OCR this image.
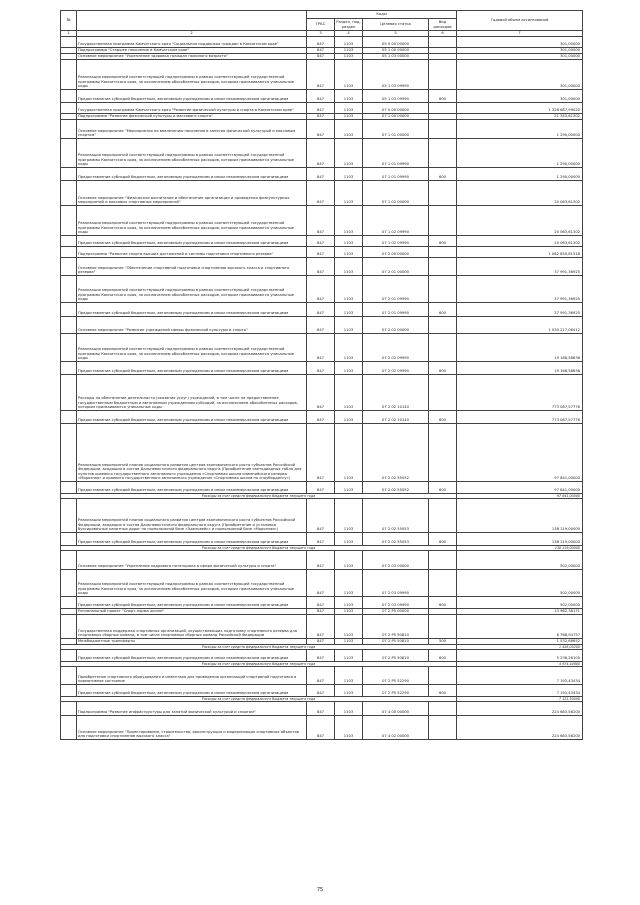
№		Коды				Годовой объем ассигнований
		ГРБС	Раздел, под-раздел	Целевая статья	Вид расходов	
1	2	3	4	5	6	7
	Государственная программа Камчатского края "Социальная поддержка граждан в Камчатском крае"	847	1103	05 0 00 00000		301,00000
	Подпрограмма "Старшее поколение в Камчатском крае"	847	1103	05 1 00 00000		301,00000
	Основное мероприятие "Укрепление здоровья граждан пожилого возраста"	847	1103	05 1 03 00000		301,00000
	Реализация мероприятий соответствующей подпрограммы в рамках соответствующей государственной программы Камчатского края, за исключением обособленных расходов, которым присваиваются уникальные коды	847	1103	05 1 03 09990		301,00000
	Предоставление субсидий бюджетным, автономным учреждениям и иным некоммерческим организациям	847	1103	05 1 03 09990	600	301,00000
	Государственная программа Камчатского края "Развитие физической культуры и спорта в Камчатском крае"	847	1103	07 0 00 00000		1 328 687,99020
	Подпрограмма "Развитие физической культуры и массового спорта"	847	1103	07 1 00 00000		21 353,61302
	Основное мероприятие "Мероприятия по вовлечению населения в занятия физической культурой и массовым спортом"	847	1103	07 1 01 00000		1 290,00000
	Реализация мероприятий соответствующей подпрограммы в рамках соответствующей государственной программы Камчатского края, за исключением обособленных расходов, которым присваиваются уникальные коды	847	1103	07 1 01 09990		1 290,00000
	Предоставление субсидий бюджетным, автономным учреждениям и иным некоммерческим организациям	847	1103	07 1 01 09990	600	1 290,00000
	Основное мероприятие "Физическое воспитание и обеспечение организации и проведения физкультурных мероприятий и массовых спортивных мероприятий"	847	1103	07 1 02 00000		20 063,61302
	Реализация мероприятий соответствующей подпрограммы в рамках соответствующей государственной программы Камчатского края, за исключением обособленных расходов, которым присваиваются уникальные коды	847	1103	07 1 02 09990		20 063,61302
	Предоставление субсидий бюджетным, автономным учреждениям и иным некоммерческим организациям	847	1103	07 1 02 09990	600	20 063,61302
	Подпрограмма "Развитие спорта высших достижений и системы подготовки спортивного резерва"	847	1103	07 2 00 00000		1 082 650,81518
	Основное мероприятие "Обеспечение спортивной подготовки спортсменов высокого класса и спортивного резерва"	847	1103	07 2 01 00000		37 991,36925
	Реализация мероприятий соответствующей подпрограммы в рамках соответствующей государственной программы Камчатского края, за исключением обособленных расходов, которым присваиваются уникальные коды	847	1103	07 2 01 09990		37 991,36925
	Предоставление субсидий бюджетным, автономным учреждениям и иным некоммерческим организациям	847	1103	07 2 01 09990	600	37 991,36925
	Основное мероприятие "Развитие учреждений сферы физической культуры и спорта"	847	1103	07 2 02 00000		1 030 217,06412
	Реализация мероприятий соответствующей подпрограммы в рамках соответствующей государственной программы Камчатского края, за исключением обособленных расходов, которым присваиваются уникальные коды	847	1103	07 2 02 09990		19 168,58636
	Предоставление субсидий бюджетным, автономным учреждениям и иным некоммерческим организациям	847	1103	07 2 02 09990	600	19 168,58636
	Расходы на обеспечение деятельности (оказание услуг) учреждений, в том числе на предоставление государственным бюджетным и автономным учреждениям субсидий, за исключением обособленных расходов, которым присваиваются уникальные коды	847	1103	07 2 02 10140		773 087,57776
	Предоставление субсидий бюджетным, автономным учреждениям и иным некоммерческим организациям	847	1103	07 2 02 10140	600	773 087,57776
	Реализация мероприятий планов социального развития центров экономического роста субъектов Российской Федерации, входящих в состав Дальневосточного федерального округа (Приобретение светодиодных табло для пунктов краевого государственного автономного учреждения «Спортивная школа олимпийского резерва «Морозная» и краевого государственного автономного учреждения «Спортивная школа по сноубордингу»)	847	1103	07 2 02 55052		97 841,00000
	Предоставление субсидий бюджетным, автономным учреждениям и иным некоммерческим организациям	847	1103	07 2 02 55052	600	97 841,00000
Расходы за счет средств федерального бюджета текущего года						97 841,00000
	Реализация мероприятий планов социального развития центров экономического роста субъектов Российской Федерации, входящих в состав Дальневосточного федерального округа (Приобретение и установка буксировочных канатных дорог на горнолыжной базе «Эдельвейс» и горнолыжной базе «Морозная»)	847	1103	07 2 02 55053		138 119,00000
	Предоставление субсидий бюджетным, автономным учреждениям и иным некоммерческим организациям	847	1103	07 2 02 55053	600	138 119,00000
Расходы за счет средств федерального бюджета текущего года						138 119,00000
	Основное мероприятие "Укрепление кадрового потенциала в сфере физической культуры и спорта"	847	1103	07 2 03 00000		502,00000
	Реализация мероприятий соответствующей подпрограммы в рамках соответствующей государственной программы Камчатского края, за исключением обособленных расходов, которым присваиваются уникальные коды	847	1103	07 2 03 09990		502,00000
	Предоставление субсидий бюджетным, автономным учреждениям и иным некоммерческим организациям	847	1103	07 2 03 09990	600	502,00000
	Региональный проект "Спорт-норма жизни"	847	1103	07 2 P5 00000		13 962,38171
	Государственная поддержка спортивных организаций, осуществляющих подготовку спортивного резерва для спортивных сборных команд, в том числе спортивных сборных команд Российской Федерации	847	1103	07 2 P5 50810		6 768,94757
	Межбюджетные трансферты	847	1103	07 2 P5 50810	500	1 532,68652
Расходы за счет средств федерального бюджета текущего года						1 456,05200
	Предоставление субсидий бюджетным, автономным учреждениям и иным некоммерческим организациям	847	1103	07 2 P5 50810	600	5 236,26105
Расходы за счет средств федерального бюджета текущего года						4 974,44800
	Приобретение спортивного оборудования и инвентаря для приведения организаций спортивной подготовки в нормативное состояние	847	1103	07 2 P5 52290		7 193,43434
	Предоставление субсидий бюджетным, автономным учреждениям и иным некоммерческим организациям	847	1103	07 2 P5 52290	600	7 193,43434
Расходы за счет средств федерального бюджета текущего года						7 121,50000
	Подпрограмма "Развитие инфраструктуры для занятий физической культурой и спортом"	847	1103	07 4 00 00000		224 683,56200
	Основное мероприятие "Проектирование, строительство, реконструкция и модернизация спортивных объектов для подготовки спортсменов высокого класса"	847	1103	07 4 02 00000		224 683,56200
75
